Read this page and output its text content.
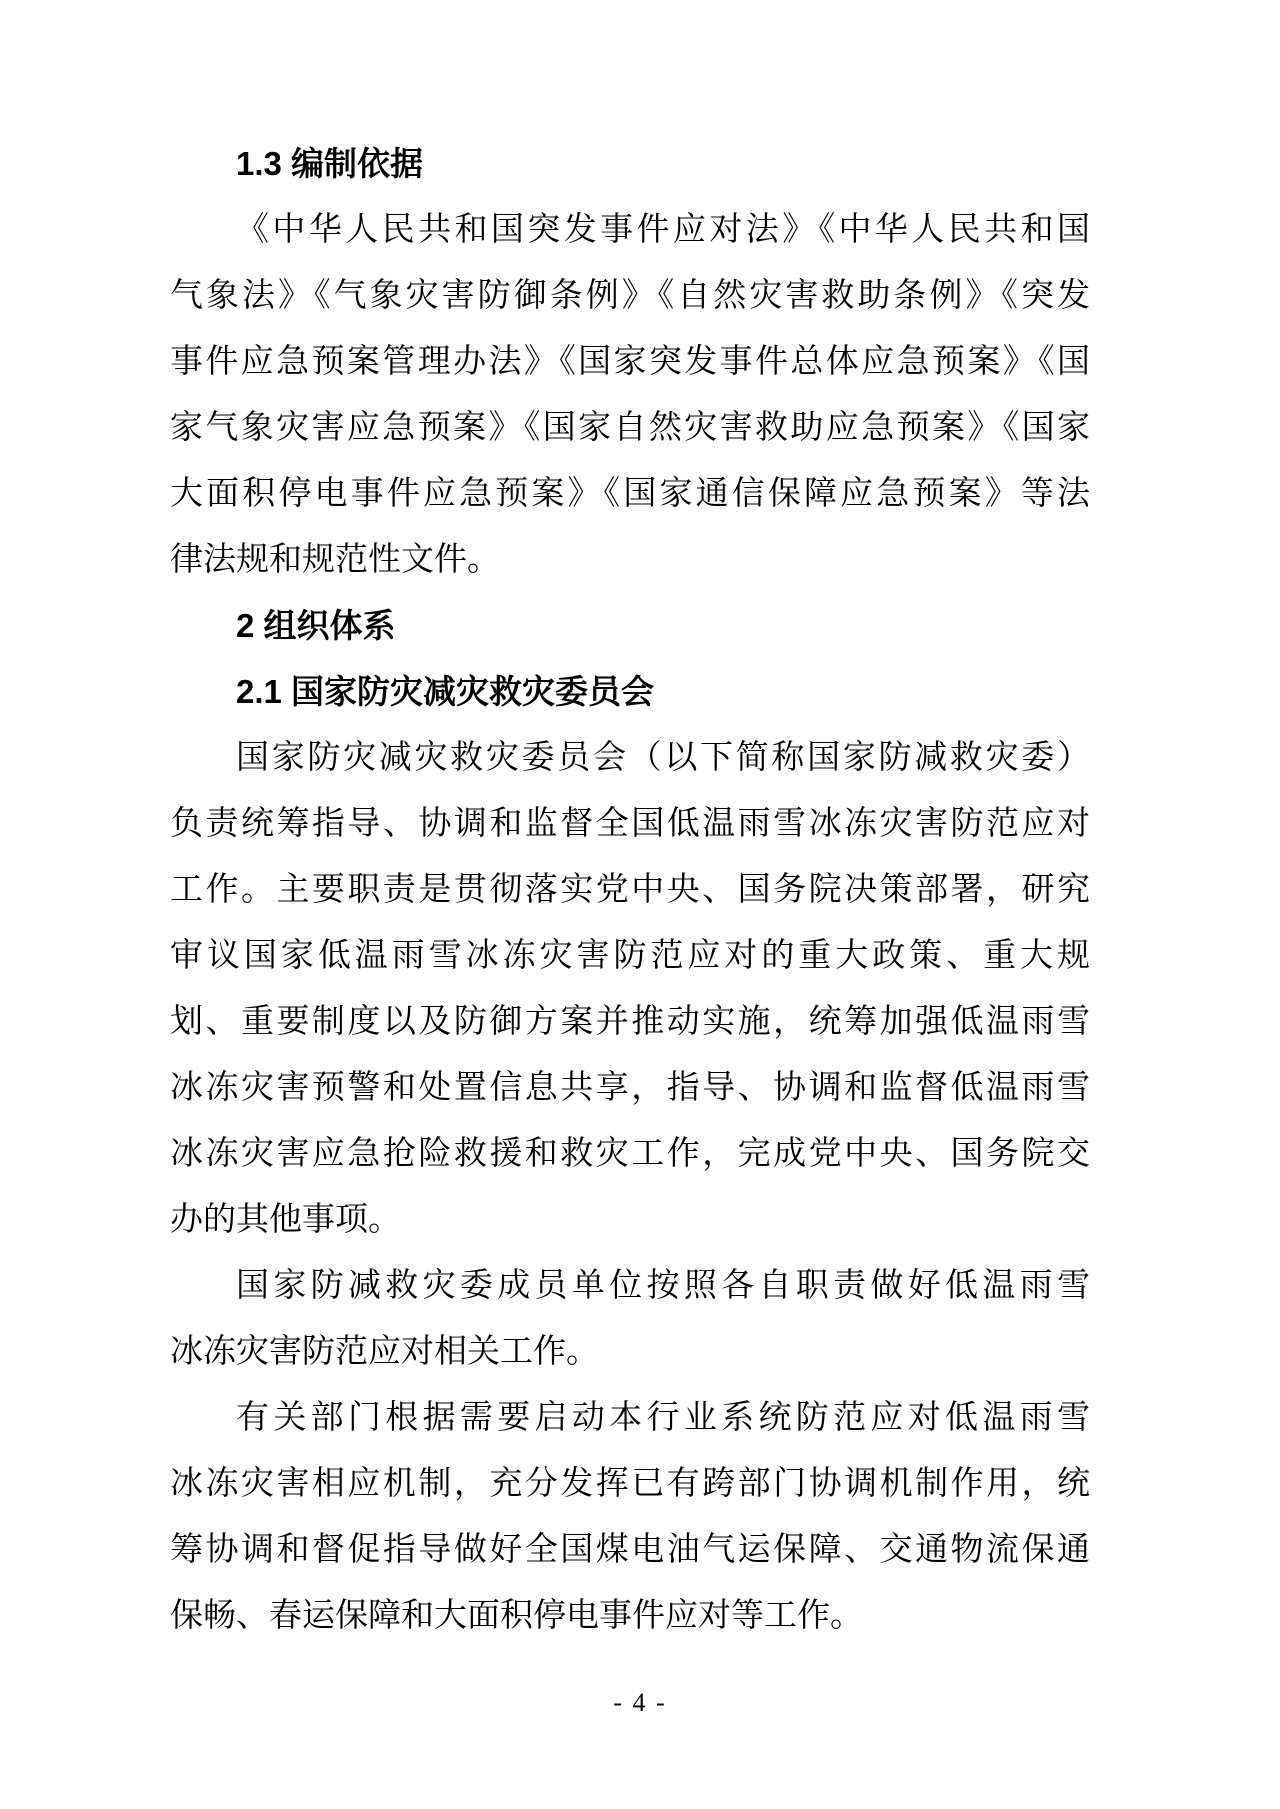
1.3 编制依据
《中华人民共和国突发事件应对法》《中华人民共和国
气象法》《气象灾害防御条例》《自然灾害救助条例》《突发
事件应急预案管理办法》《国家突发事件总体应急预案》《国
家气象灾害应急预案》《国家自然灾害救助应急预案》《国家
大面积停电事件应急预案》《国家通信保障应急预案》等法
律法规和规范性文件。
2 组织体系
2.1 国家防灾减灾救灾委员会
国家防灾减灾救灾委员会（以下简称国家防减救灾委）
负责统筹指导、协调和监督全国低温雨雪冰冻灾害防范应对
工作。主要职责是贯彻落实党中央、国务院决策部署，研究
审议国家低温雨雪冰冻灾害防范应对的重大政策、重大规
划、重要制度以及防御方案并推动实施，统筹加强低温雨雪
冰冻灾害预警和处置信息共享，指导、协调和监督低温雨雪
冰冻灾害应急抢险救援和救灾工作，完成党中央、国务院交
办的其他事项。
国家防减救灾委成员单位按照各自职责做好低温雨雪
冰冻灾害防范应对相关工作。
有关部门根据需要启动本行业系统防范应对低温雨雪
冰冻灾害相应机制，充分发挥已有跨部门协调机制作用，统
筹协调和督促指导做好全国煤电油气运保障、交通物流保通
保畅、春运保障和大面积停电事件应对等工作。
- 4 -
